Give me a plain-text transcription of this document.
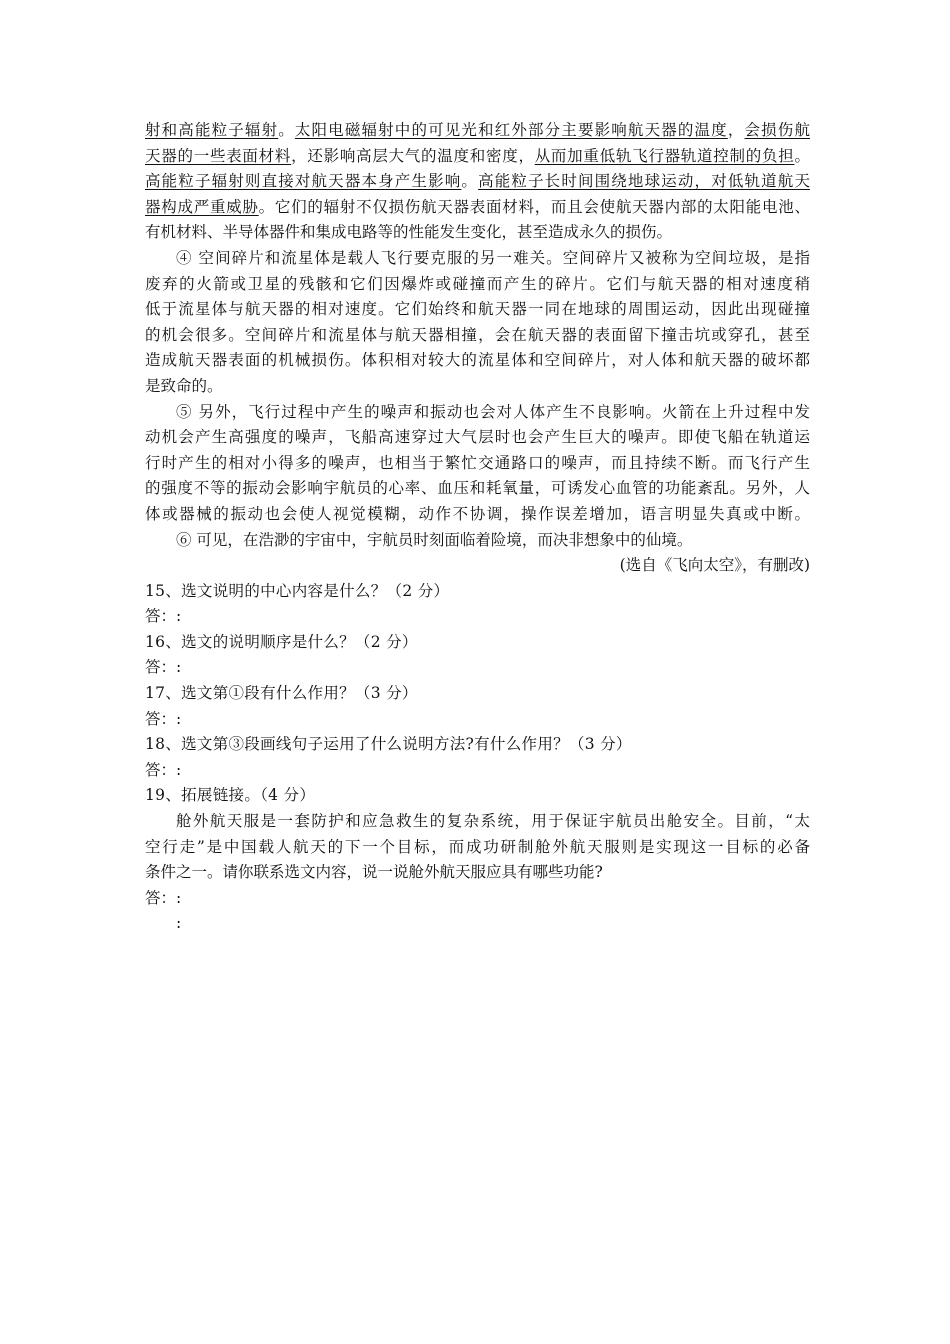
射和高能粒子辐射。太阳电磁辐射中的可见光和红外部分主要影响航天器的温度，会损伤航
天器的一些表面材料，还影响高层大气的温度和密度，从而加重低轨飞行器轨道控制的负担。
高能粒子辐射则直接对航天器本身产生影响。高能粒子长时间围绕地球运动，对低轨道航天
器构成严重威胁。它们的辐射不仅损伤航天器表面材料，而且会使航天器内部的太阳能电池、
有机材料、半导体器件和集成电路等的性能发生变化，甚至造成永久的损伤。
④ 空间碎片和流星体是载人飞行要克服的另一难关。空间碎片又被称为空间垃圾，是指
废弃的火箭或卫星的残骸和它们因爆炸或碰撞而产生的碎片。它们与航天器的相对速度稍
低于流星体与航天器的相对速度。它们始终和航天器一同在地球的周围运动，因此出现碰撞
的机会很多。空间碎片和流星体与航天器相撞，会在航天器的表面留下撞击坑或穿孔，甚至
造成航天器表面的机械损伤。体积相对较大的流星体和空间碎片，对人体和航天器的破坏都
是致命的。
⑤ 另外，飞行过程中产生的噪声和振动也会对人体产生不良影响。火箭在上升过程中发
动机会产生高强度的噪声，飞船高速穿过大气层时也会产生巨大的噪声。即使飞船在轨道运
行时产生的相对小得多的噪声，也相当于繁忙交通路口的噪声，而且持续不断。而飞行产生
的强度不等的振动会影响宇航员的心率、血压和耗氧量，可诱发心血管的功能紊乱。另外，人
体或器械的振动也会使人视觉模糊，动作不协调，操作误差增加，语言明显失真或中断。
⑥ 可见，在浩渺的宇宙中，宇航员时刻面临着险境，而决非想象中的仙境。
(选自《飞向太空》，有删改)
15、选文说明的中心内容是什么？（2 分）
答：:
16、选文的说明顺序是什么？（2 分）
答：:
17、选文第①段有什么作用？（3 分）
答：:
18、选文第③段画线句子运用了什么说明方法?有什么作用？（3 分）
答：:
19、拓展链接。（4 分）
舱外航天服是一套防护和应急救生的复杂系统，用于保证宇航员出舱安全。目前，“太
空行走”是中国载人航天的下一个目标，而成功研制舱外航天服则是实现这一目标的必备
条件之一。请你联系选文内容，说一说舱外航天服应具有哪些功能?
答：:
:
